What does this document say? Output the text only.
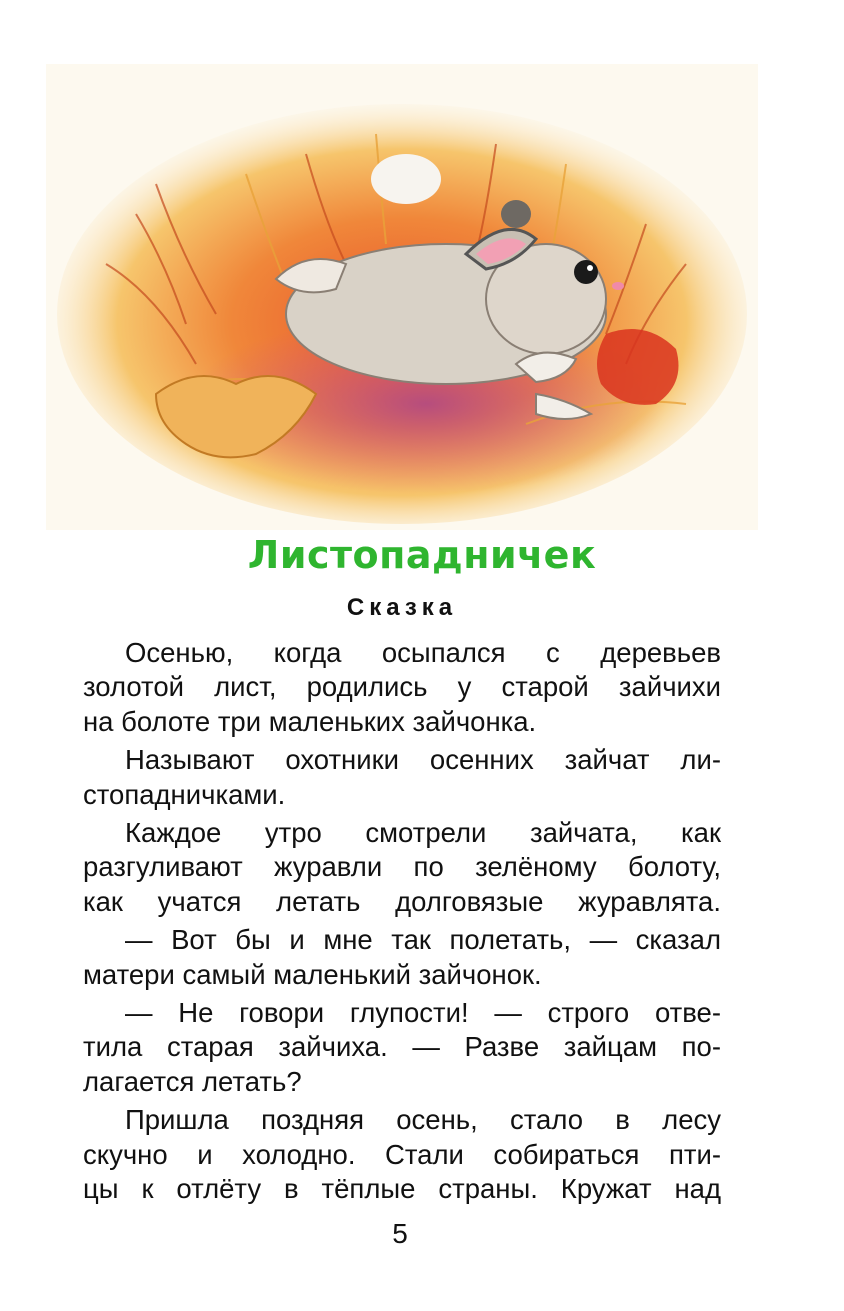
Листопадничек
Сказка

Осенью, когда осыпался с деревьев
золотой лист, родились у старой зайчихи
на болоте три маленьких зайчонка.

Называют охотники осенних зайчат ли-
стопадничками.

Каждое утро смотрели зайчата, как
разгуливают журавли по зелёному болоту,
как учатся летать долговязые журавлята.

— Вот бы и мне так полетать, — сказал
матери самый маленький зайчонок.

— Не говори глупости! — строго отве-
тила старая зайчиха. — Разве зайцам по-
лагается летать?

Пришла поздняя осень, стало в лесу
скучно и холодно. Стали собираться пти-
цы к отлёту в тёплые страны. Кружат над

5
